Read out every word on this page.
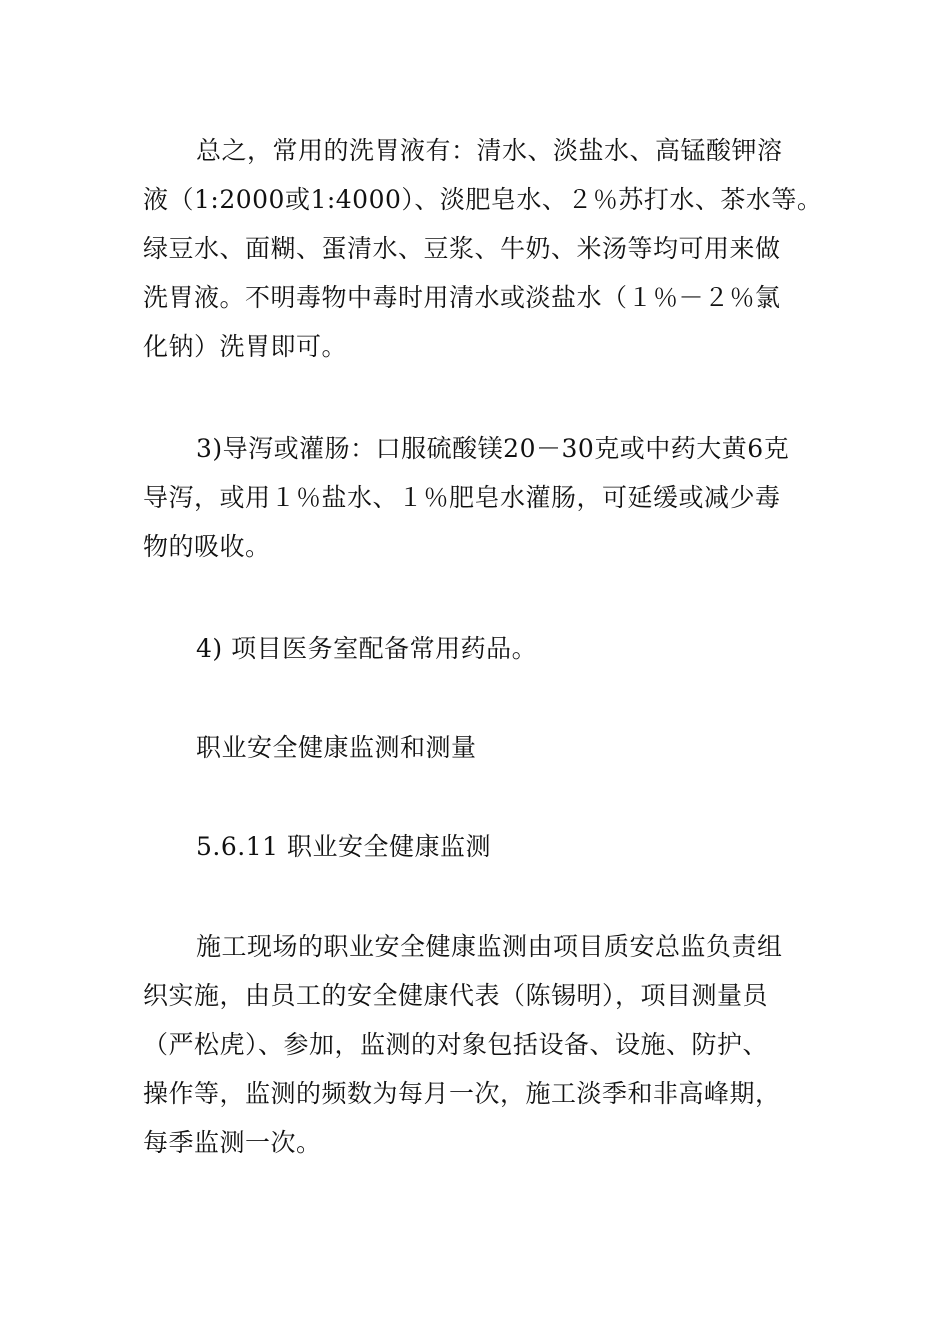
总之，常用的洗胃液有：清水、淡盐水、高锰酸钾溶
液（1:2000或1:4000）、淡肥皂水、２％苏打水、茶水等。
绿豆水、面糊、蛋清水、豆浆、牛奶、米汤等均可用来做
洗胃液。不明毒物中毒时用清水或淡盐水（１％－２％氯
化钠）洗胃即可。
3)导泻或灌肠：口服硫酸镁20－30克或中药大黄6克
导泻，或用１％盐水、１％肥皂水灌肠，可延缓或减少毒
物的吸收。
4) 项目医务室配备常用药品。
职业安全健康监测和测量
5.6.11 职业安全健康监测
施工现场的职业安全健康监测由项目质安总监负责组
织实施，由员工的安全健康代表（陈锡明），项目测量员
（严松虎）、参加，监测的对象包括设备、设施、防护、
操作等，监测的频数为每月一次，施工淡季和非高峰期，
每季监测一次。
